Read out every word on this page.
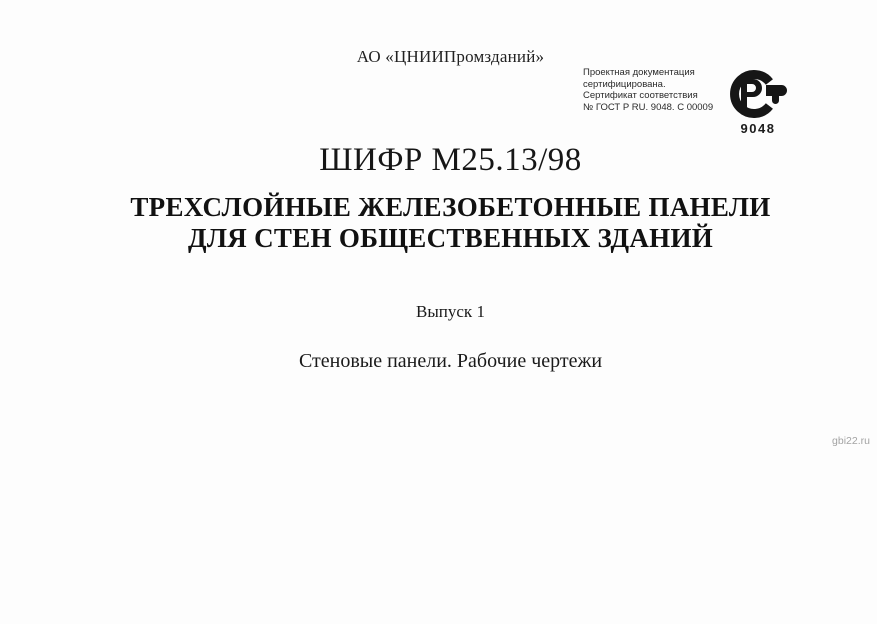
АО «ЦНИИПромзданий»
Проектная документация
сертифицирована.
Сертификат соответствия
№ ГОСТ Р RU. 9048. С 00009
9048
ШИФР М25.13/98
ТРЕХСЛОЙНЫЕ ЖЕЛЕЗОБЕТОННЫЕ ПАНЕЛИ
ДЛЯ СТЕН ОБЩЕСТВЕННЫХ ЗДАНИЙ
Выпуск 1
Стеновые панели. Рабочие чертежи
gbi22.ru
